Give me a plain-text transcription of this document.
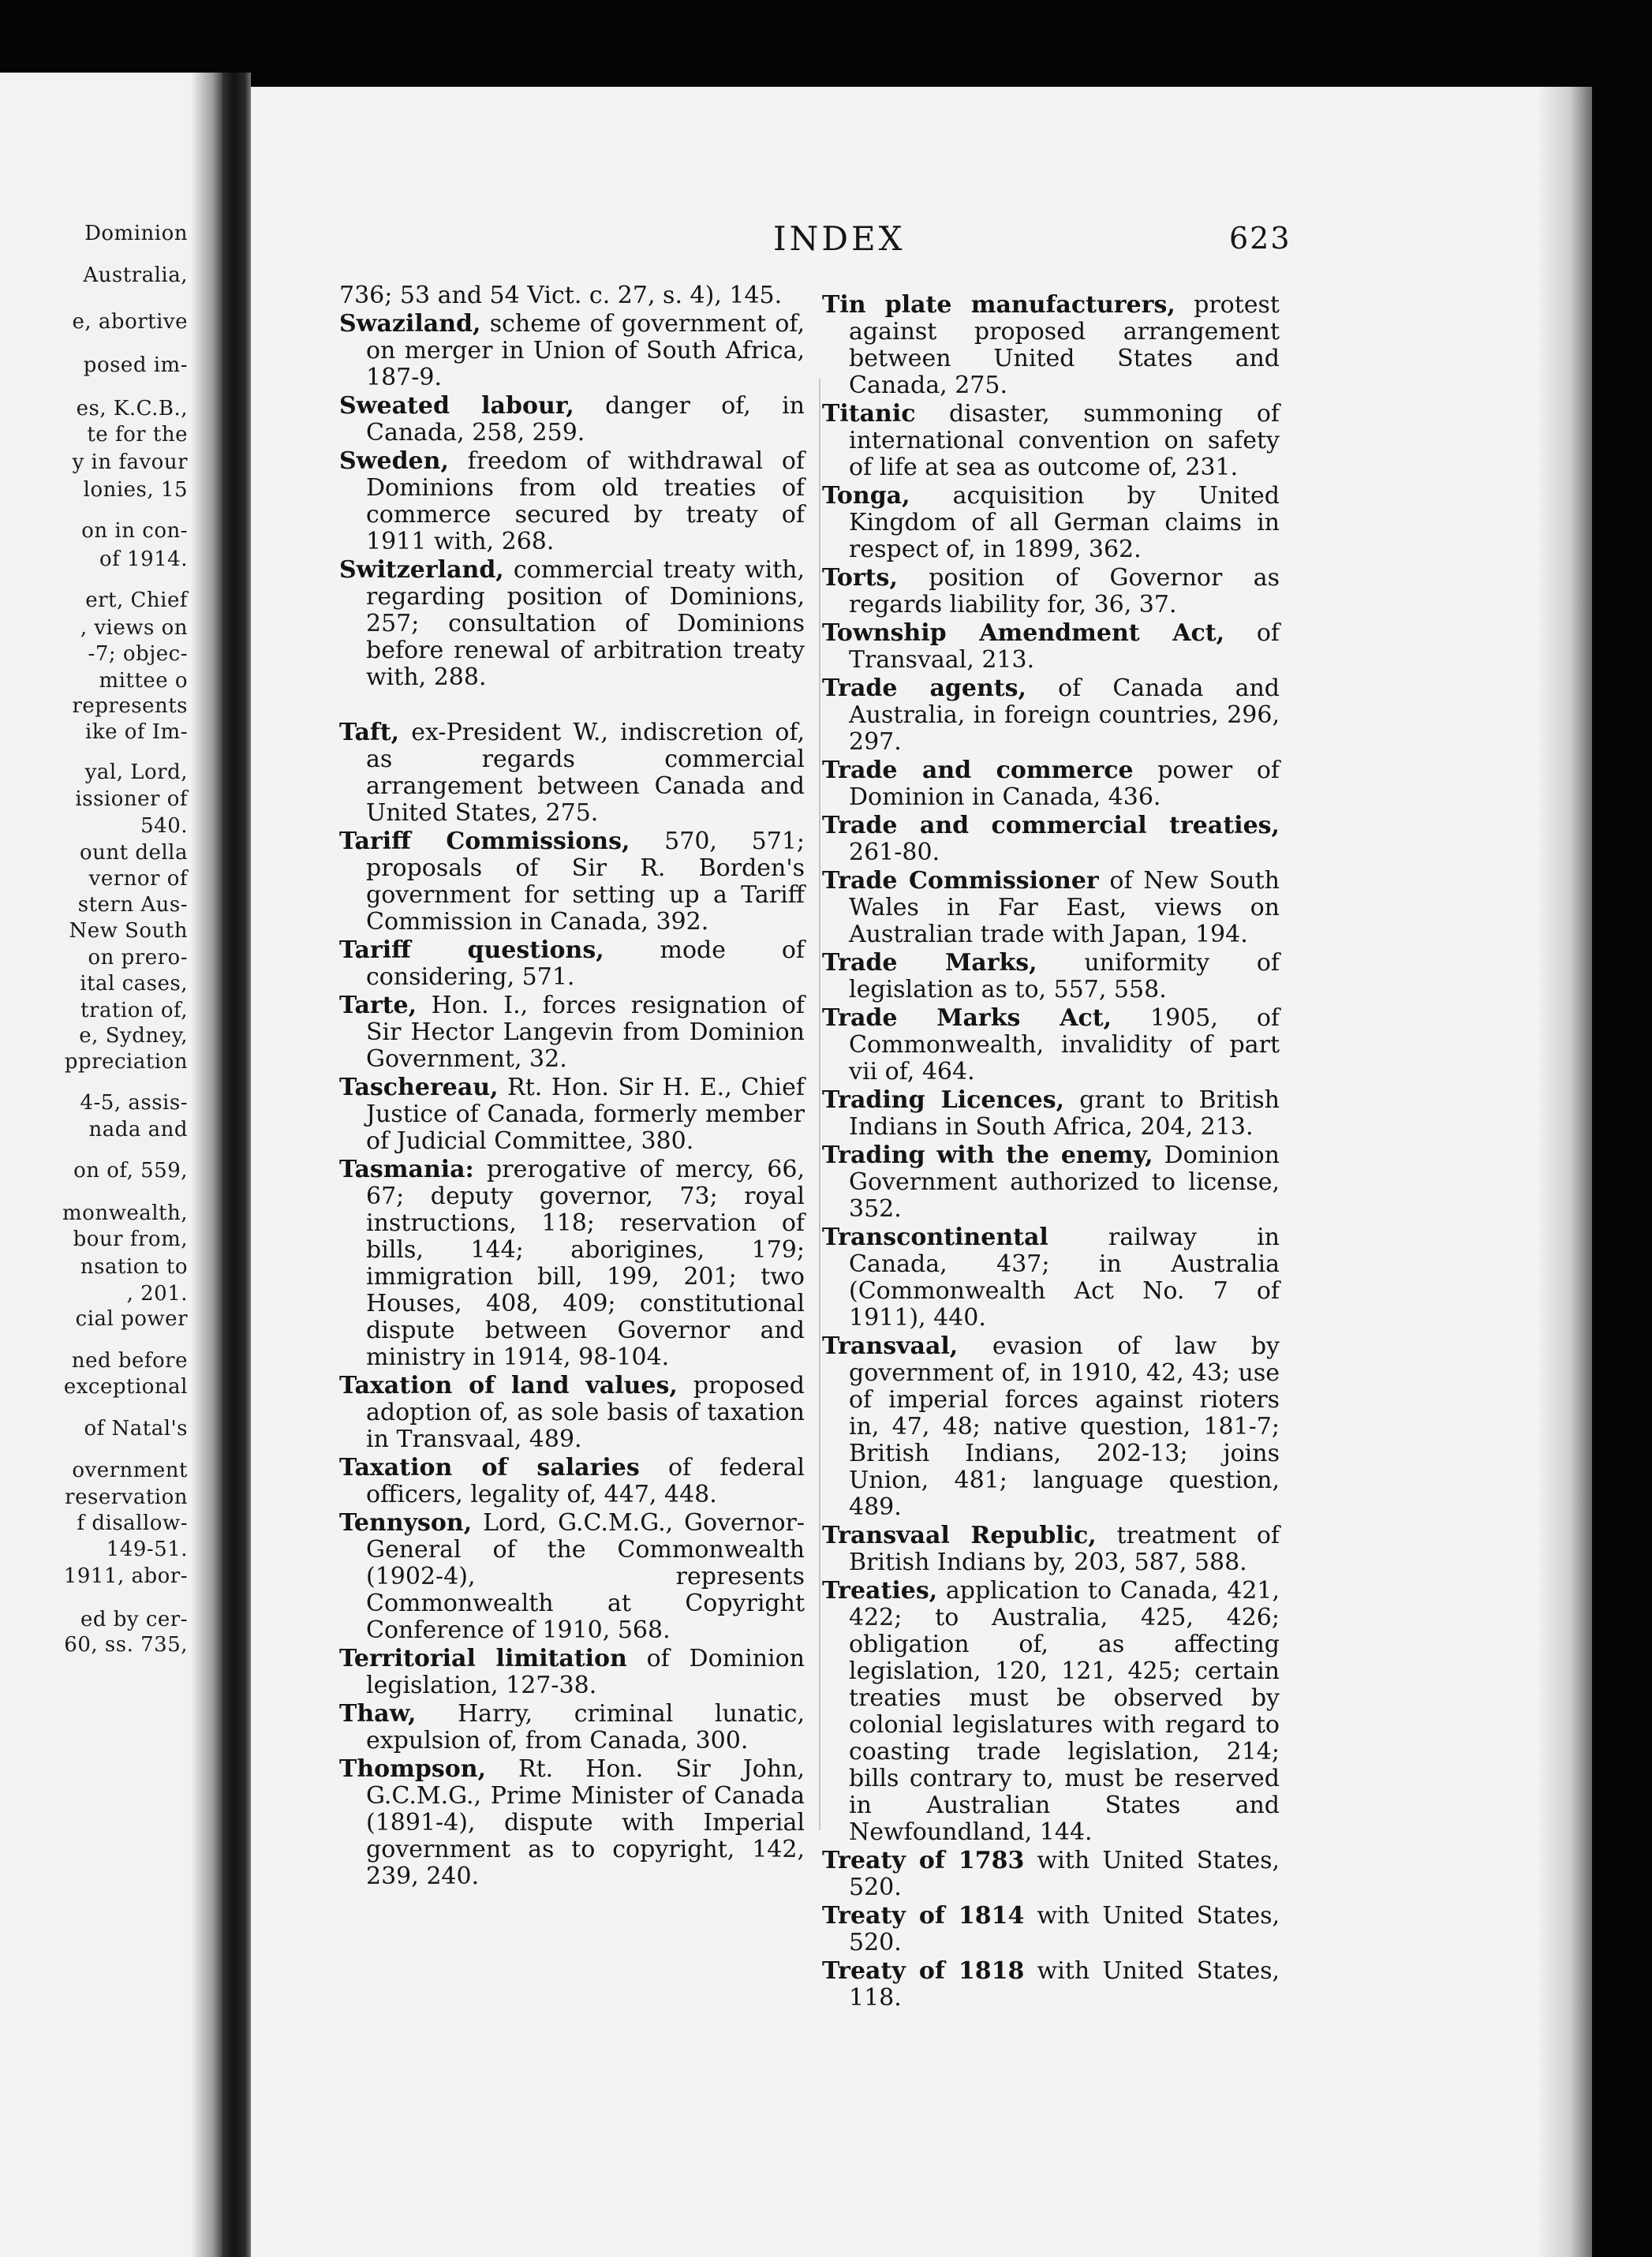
Dominion
Australia,
e, abortive
posed im-
es, K.C.B.,
te for the
y in favour
lonies, 15
on in con-
of 1914.
ert, Chief
, views on
-7; objec-
mittee o
represents
ike of Im-
yal, Lord,
issioner of
540.
ount della
vernor of
stern Aus-
New South
on prero-
ital cases,
tration of,
e, Sydney,
ppreciation
4-5, assis-
nada and
on of, 559,
monwealth,
bour from,
nsation to
, 201.
cial power
ned before
exceptional
of Natal's
overnment
reservation
f disallow-
149-51.
1911, abor-
ed by cer-
60, ss. 735,
INDEX	623

736; 53 and 54 Vict. c. 27, s. 4), 145.

Swaziland, scheme of government of, on merger in Union of South Africa, 187-9.

Sweated labour, danger of, in Canada, 258, 259.

Sweden, freedom of withdrawal of Dominions from old treaties of commerce secured by treaty of 1911 with, 268.

Switzerland, commercial treaty with, regarding position of Dominions, 257; consultation of Dominions before renewal of arbitration treaty with, 288.

Taft, ex-President W., indiscretion of, as regards commercial arrangement between Canada and United States, 275.

Tariff Commissions, 570, 571; proposals of Sir R. Borden's government for setting up a Tariff Commission in Canada, 392.

Tariff questions, mode of considering, 571.

Tarte, Hon. I., forces resignation of Sir Hector Langevin from Dominion Government, 32.

Taschereau, Rt. Hon. Sir H. E., Chief Justice of Canada, formerly member of Judicial Committee, 380.

Tasmania: prerogative of mercy, 66, 67; deputy governor, 73; royal instructions, 118; reservation of bills, 144; aborigines, 179; immigration bill, 199, 201; two Houses, 408, 409; constitutional dispute between Governor and ministry in 1914, 98-104.

Taxation of land values, proposed adoption of, as sole basis of taxation in Transvaal, 489.

Taxation of salaries of federal officers, legality of, 447, 448.

Tennyson, Lord, G.C.M.G., Governor-General of the Commonwealth (1902-4), represents Commonwealth at Copyright Conference of 1910, 568.

Territorial limitation of Dominion legislation, 127-38.

Thaw, Harry, criminal lunatic, expulsion of, from Canada, 300.

Thompson, Rt. Hon. Sir John, G.C.M.G., Prime Minister of Canada (1891-4), dispute with Imperial government as to copyright, 142, 239, 240.

Tin plate manufacturers, protest against proposed arrangement between United States and Canada, 275.

Titanic disaster, summoning of international convention on safety of life at sea as outcome of, 231.

Tonga, acquisition by United Kingdom of all German claims in respect of, in 1899, 362.

Torts, position of Governor as regards liability for, 36, 37.

Township Amendment Act, of Transvaal, 213.

Trade agents, of Canada and Australia, in foreign countries, 296, 297.

Trade and commerce power of Dominion in Canada, 436.

Trade and commercial treaties, 261-80.

Trade Commissioner of New South Wales in Far East, views on Australian trade with Japan, 194.

Trade Marks, uniformity of legislation as to, 557, 558.

Trade Marks Act, 1905, of Commonwealth, invalidity of part vii of, 464.

Trading Licences, grant to British Indians in South Africa, 204, 213.

Trading with the enemy, Dominion Government authorized to license, 352.

Transcontinental	railway in Canada, 437; in Australia (Commonwealth Act No. 7 of 1911), 440.

Transvaal, evasion of law by government of, in 1910, 42, 43; use of imperial forces against rioters in, 47, 48; native question, 181-7; British Indians, 202-13; joins Union, 481; language question, 489.

Transvaal Republic, treatment of British Indians by, 203, 587, 588.

Treaties, application to Canada, 421, 422; to Australia, 425, 426; obligation of, as affecting legislation, 120, 121, 425; certain treaties must be observed by colonial legislatures with regard to coasting trade legislation, 214; bills contrary to, must be reserved in Australian States and Newfoundland, 144.

Treaty of 1783 with United States, 520.

Treaty of 1814 with United States, 520.

Treaty of 1818 with United States, 118.
